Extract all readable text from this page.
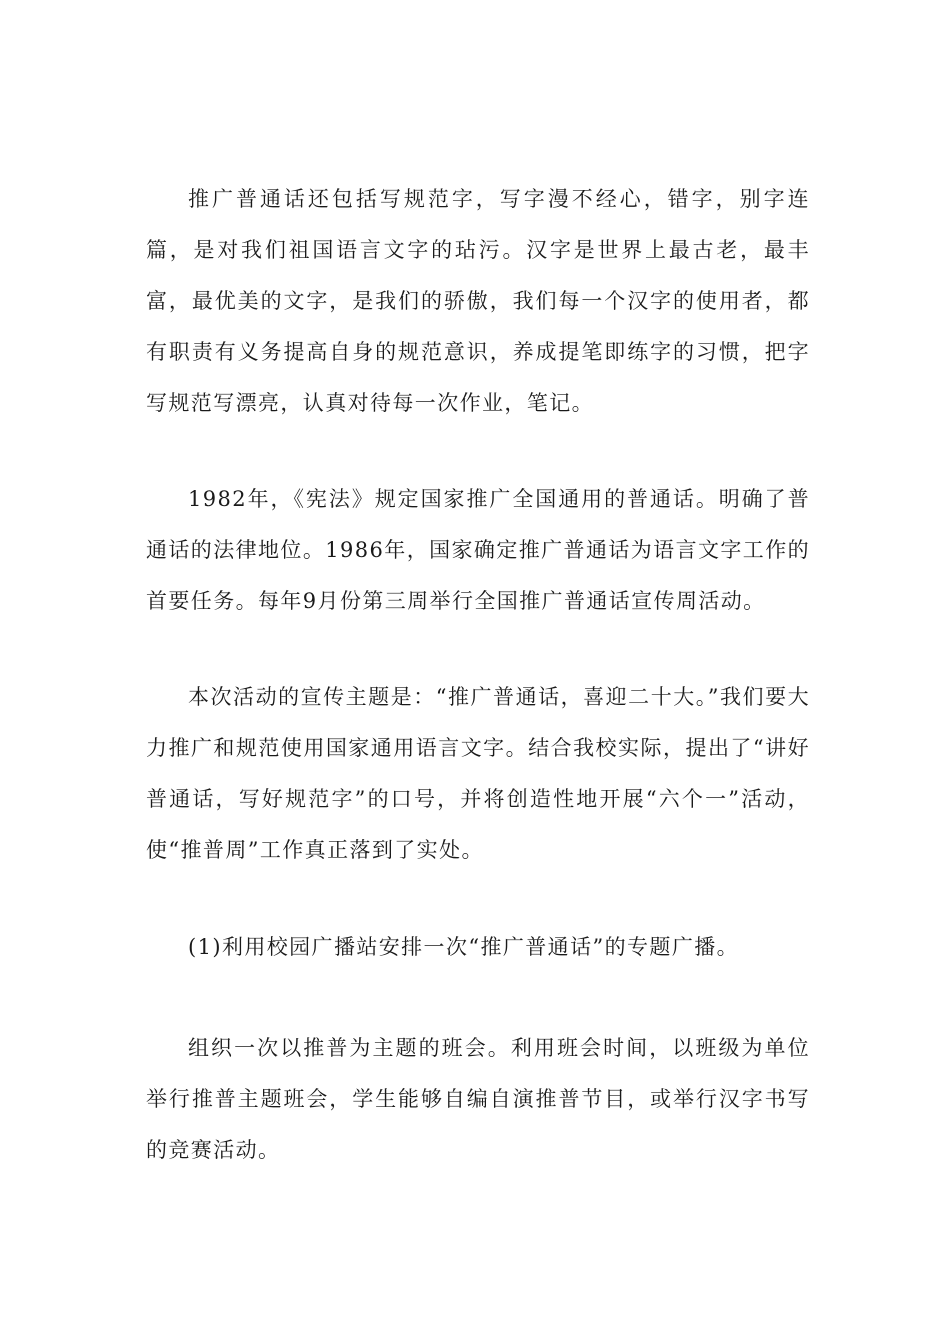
推广普通话还包括写规范字，写字漫不经心，错字，别字连篇，是对我们祖国语言文字的玷污。汉字是世界上最古老，最丰富，最优美的文字，是我们的骄傲，我们每一个汉字的使用者，都有职责有义务提高自身的规范意识，养成提笔即练字的习惯，把字写规范写漂亮，认真对待每一次作业，笔记。

1982年，《宪法》规定国家推广全国通用的普通话。明确了普通话的法律地位。1986年，国家确定推广普通话为语言文字工作的首要任务。每年9月份第三周举行全国推广普通话宣传周活动。

本次活动的宣传主题是：“推广普通话，喜迎二十大。”我们要大力推广和规范使用国家通用语言文字。结合我校实际，提出了“讲好普通话，写好规范字”的口号，并将创造性地开展“六个一”活动，使“推普周”工作真正落到了实处。

(1)利用校园广播站安排一次“推广普通话”的专题广播。

组织一次以推普为主题的班会。利用班会时间，以班级为单位举行推普主题班会，学生能够自编自演推普节目，或举行汉字书写的竞赛活动。
